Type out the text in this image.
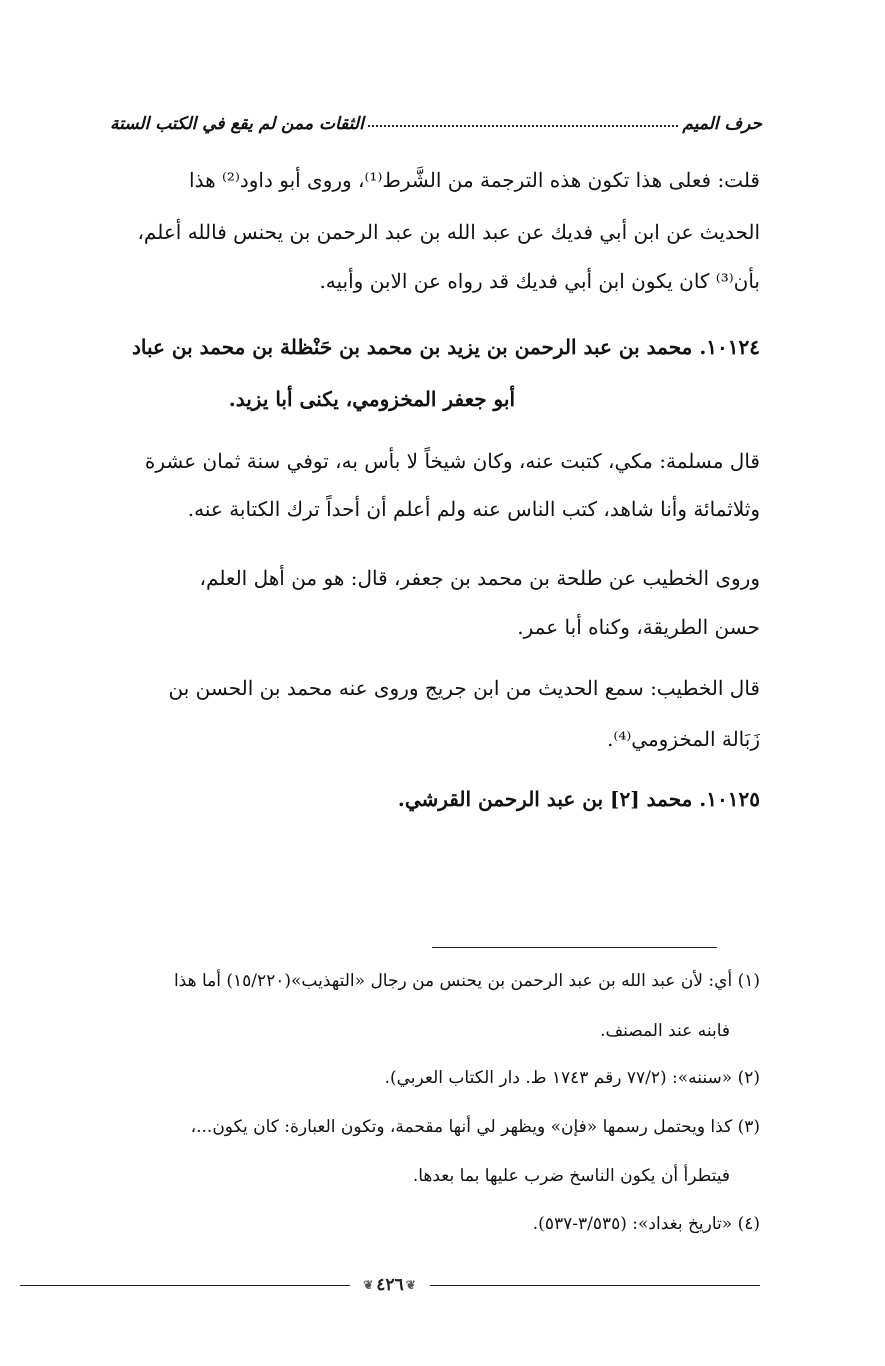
حرف الميم
الثقات ممن لم يقع في الكتب الستة
قلت: فعلى هذا تكون هذه الترجمة من الشَّرط⁽¹⁾، وروى أبو داود⁽²⁾ هذا
الحديث عن ابن أبي فديك عن عبد الله بن عبد الرحمن بن يحنس فالله أعلم،
بأن⁽³⁾ كان يكون ابن أبي فديك قد رواه عن الابن وأبيه.
١٠١٢٤. محمد بن عبد الرحمن بن يزيد بن محمد بن حَنْظلة بن محمد بن عباد
أبو جعفر المخزومي، يكنى أبا يزيد.
قال مسلمة: مكي، كتبت عنه، وكان شيخاً لا بأس به، توفي سنة ثمان عشرة
وثلاثمائة وأنا شاهد، كتب الناس عنه ولم أعلم أن أحداً ترك الكتابة عنه.
وروى الخطيب عن طلحة بن محمد بن جعفر، قال: هو من أهل العلم،
حسن الطريقة، وكناه أبا عمر.
قال الخطيب: سمع الحديث من ابن جريج وروى عنه محمد بن الحسن بن
زَبَالة المخزومي⁽⁴⁾.
١٠١٢٥. محمد [٢] بن عبد الرحمن القرشي.
(١) أي: لأن عبد الله بن عبد الرحمن بن يحنس من رجال «التهذيب»(١٥/٢٢٠) أما هذا
فابنه عند المصنف.
(٢) «سننه»: (٧٧/٢ رقم ١٧٤٣ ط. دار الكتاب العربي).
(٣) كذا ويحتمل رسمها «فإن» ويظهر لي أنها مقحمة، وتكون العبارة: كان يكون...،
فيتطرأ أن يكون الناسخ ضرب عليها بما بعدها.
(٤) «تاريخ بغداد»: (٣/٥٣٥-٥٣٧).
❦
٤٢٦
❦
